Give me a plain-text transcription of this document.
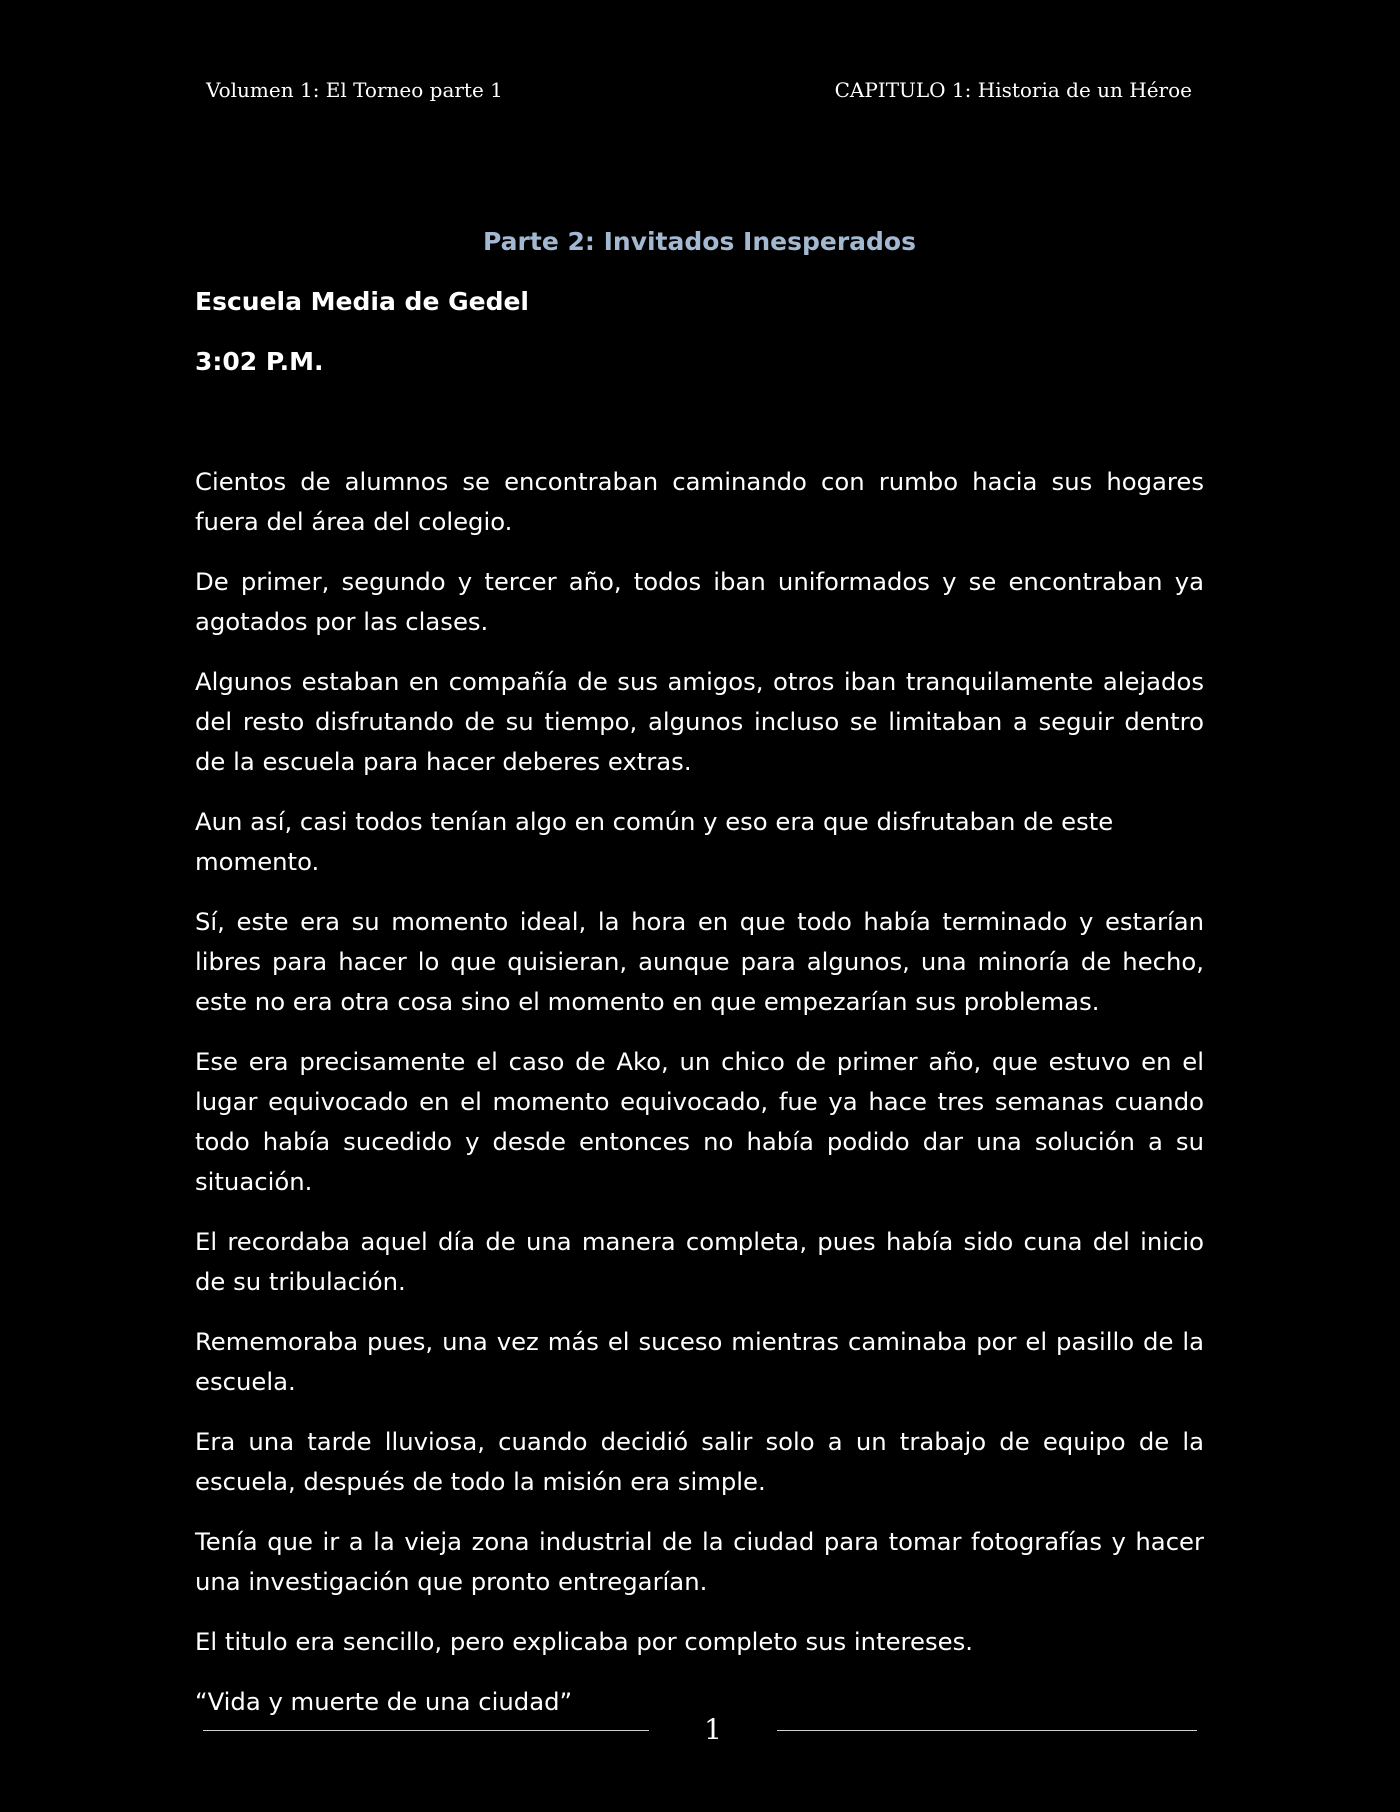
Volumen 1: El Torneo parte 1	CAPITULO 1: Historia de un Héroe
Parte 2: Invitados Inesperados
Escuela Media de Gedel
3:02 P.M.

Cientos de alumnos se encontraban caminando con rumbo hacia sus hogares fuera del área del colegio.

De primer, segundo y tercer año, todos iban uniformados y se encontraban ya agotados por las clases.

Algunos estaban en compañía de sus amigos, otros iban tranquilamente alejados del resto disfrutando de su tiempo, algunos incluso se limitaban a seguir dentro de la escuela para hacer deberes extras.

Aun así, casi todos tenían algo en común y eso era que disfrutaban de este momento.

Sí, este era su momento ideal, la hora en que todo había terminado y estarían libres para hacer lo que quisieran, aunque para algunos, una minoría de hecho, este no era otra cosa sino el momento en que empezarían sus problemas.

Ese era precisamente el caso de Ako, un chico de primer año, que estuvo en el lugar equivocado en el momento equivocado, fue ya hace tres semanas cuando todo había sucedido y desde entonces no había podido dar una solución a su situación.

El recordaba aquel día de una manera completa, pues había sido cuna del inicio de su tribulación.

Rememoraba pues, una vez más el suceso mientras caminaba por el pasillo de la escuela.

Era una tarde lluviosa, cuando decidió salir solo a un trabajo de equipo de la escuela, después de todo la misión era simple.

Tenía que ir a la vieja zona industrial de la ciudad para tomar fotografías y hacer una investigación que pronto entregarían.

El titulo era sencillo, pero explicaba por completo sus intereses.

“Vida y muerte de una ciudad”

1
